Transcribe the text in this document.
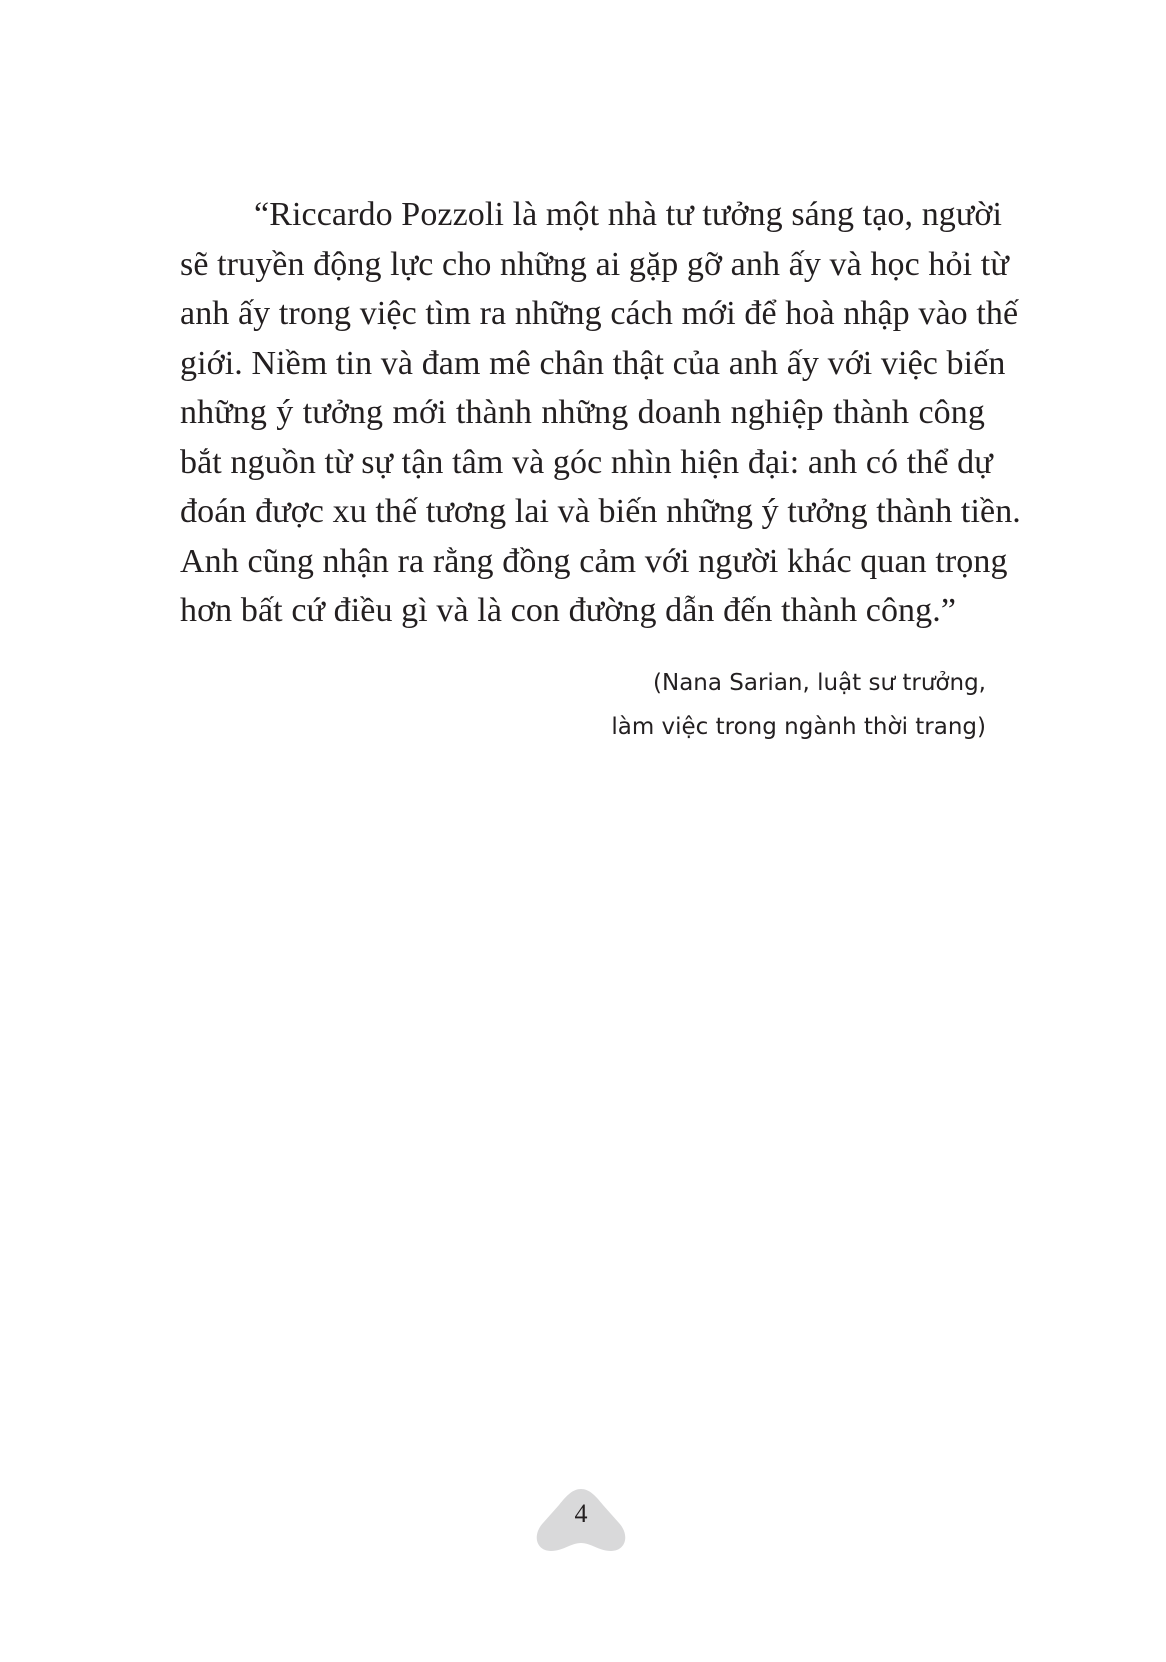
“Riccardo Pozzoli là một nhà tư tưởng sáng tạo, người
sẽ truyền động lực cho những ai gặp gỡ anh ấy và học hỏi từ
anh ấy trong việc tìm ra những cách mới để hoà nhập vào thế
giới. Niềm tin và đam mê chân thật của anh ấy với việc biến
những ý tưởng mới thành những doanh nghiệp thành công
bắt nguồn từ sự tận tâm và góc nhìn hiện đại: anh có thể dự
đoán được xu thế tương lai và biến những ý tưởng thành tiền.
Anh cũng nhận ra rằng đồng cảm với người khác quan trọng
hơn bất cứ điều gì và là con đường dẫn đến thành công.”

(Nana Sarian, luật sư trưởng,
làm việc trong ngành thời trang)
4
